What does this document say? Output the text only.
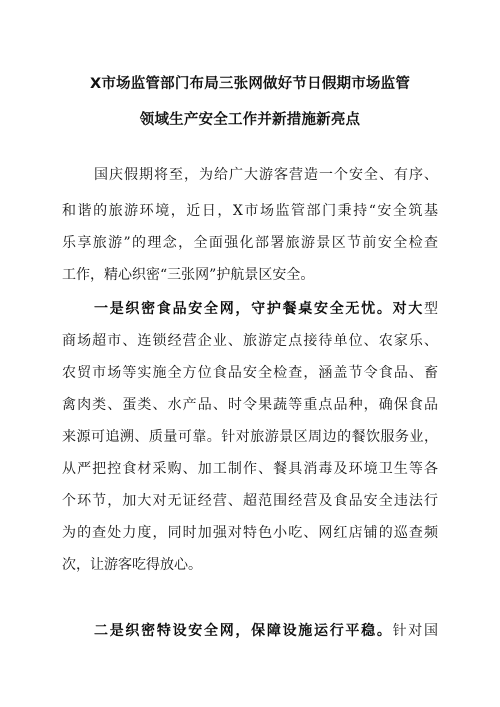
X市场监管部门布局三张网做好节日假期市场监管
领域生产安全工作并新措施新亮点
国庆假期将至，为给广大游客营造一个安全、有序、
和谐的旅游环境，近日，X市场监管部门秉持“安全筑基
乐享旅游”的理念，全面强化部署旅游景区节前安全检查
工作，精心织密“三张网”护航景区安全。
一是织密食品安全网，守护餐桌安全无忧。对大型
商场超市、连锁经营企业、旅游定点接待单位、农家乐、
农贸市场等实施全方位食品安全检查，涵盖节令食品、畜
禽肉类、蛋类、水产品、时令果蔬等重点品种，确保食品
来源可追溯、质量可靠。针对旅游景区周边的餐饮服务业，
从严把控食材采购、加工制作、餐具消毒及环境卫生等各
个环节，加大对无证经营、超范围经营及食品安全违法行
为的查处力度，同时加强对特色小吃、网红店铺的巡查频
次，让游客吃得放心。
二是织密特设安全网，保障设施运行平稳。针对国
